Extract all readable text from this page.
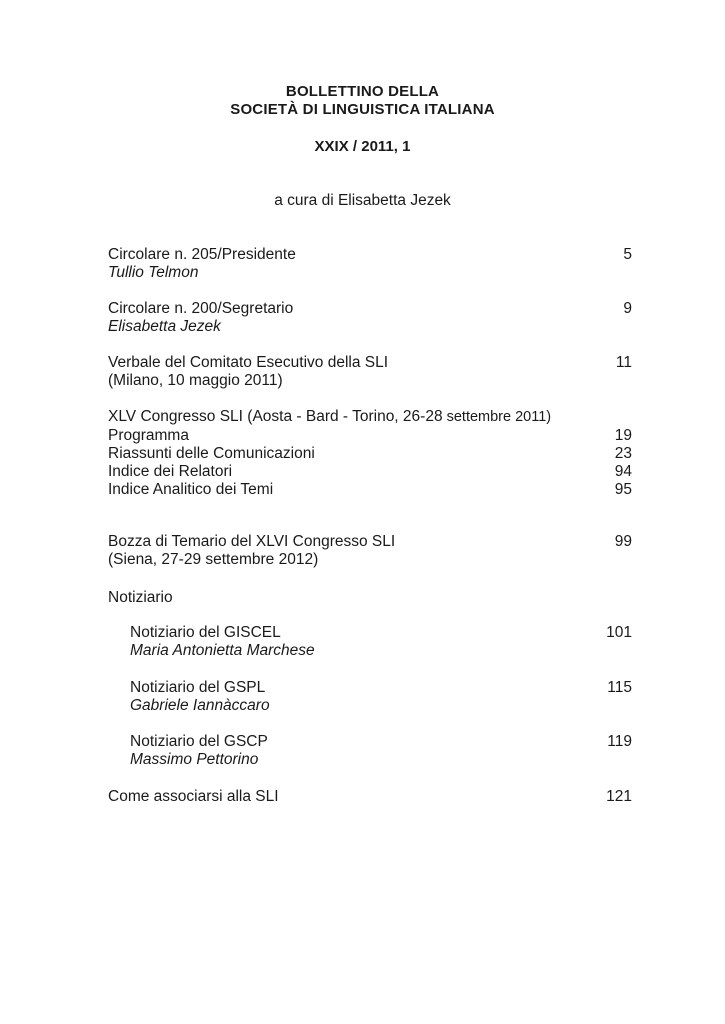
BOLLETTINO DELLA
SOCIETÀ DI LINGUISTICA ITALIANA
XXIX / 2011, 1
a cura di Elisabetta Jezek
Circolare n. 205/Presidente	5
Tullio Telmon
Circolare n. 200/Segretario	9
Elisabetta Jezek
Verbale del Comitato Esecutivo della SLI	11
(Milano, 10 maggio 2011)
XLV Congresso SLI (Aosta - Bard - Torino, 26-28 settembre 2011)
Programma	19
Riassunti delle Comunicazioni	23
Indice dei Relatori	94
Indice Analitico dei Temi	95
Bozza di Temario del XLVI Congresso SLI	99
(Siena, 27-29 settembre 2012)
Notiziario
Notiziario del GISCEL	101
Maria Antonietta Marchese
Notiziario del GSPL	115
Gabriele Iannàccaro
Notiziario del GSCP	119
Massimo Pettorino
Come associarsi alla SLI	121
